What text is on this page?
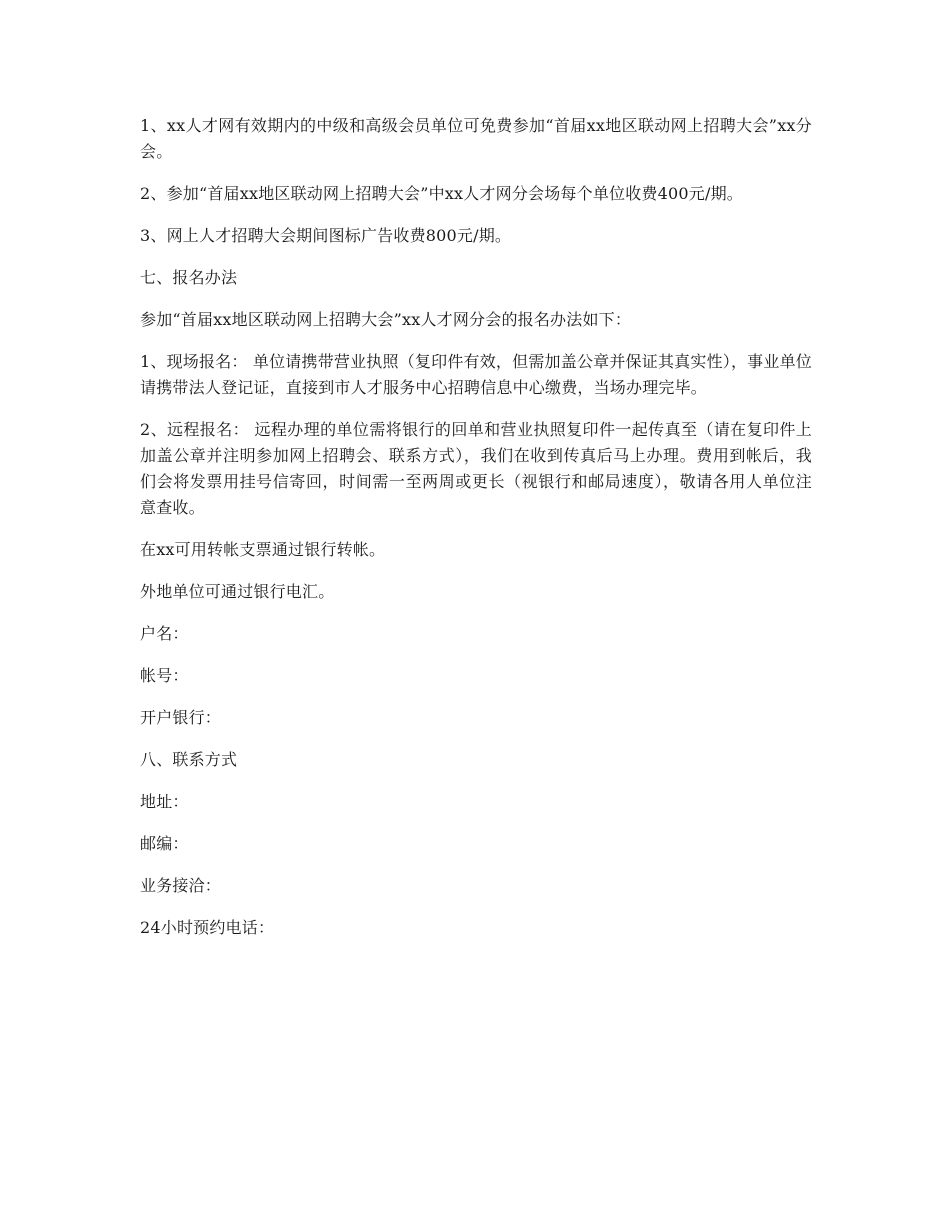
1、xx人才网有效期内的中级和高级会员单位可免费参加“首届xx地区联动网上招聘大会”xx分会。

2、参加“首届xx地区联动网上招聘大会”中xx人才网分会场每个单位收费400元/期。

3、网上人才招聘大会期间图标广告收费800元/期。

七、报名办法

参加“首届xx地区联动网上招聘大会”xx人才网分会的报名办法如下：

1、现场报名： 单位请携带营业执照（复印件有效，但需加盖公章并保证其真实性），事业单位请携带法人登记证，直接到市人才服务中心招聘信息中心缴费，当场办理完毕。

2、远程报名： 远程办理的单位需将银行的回单和营业执照复印件一起传真至（请在复印件上加盖公章并注明参加网上招聘会、联系方式），我们在收到传真后马上办理。费用到帐后，我们会将发票用挂号信寄回，时间需一至两周或更长（视银行和邮局速度），敬请各用人单位注意查收。

在xx可用转帐支票通过银行转帐。

外地单位可通过银行电汇。

户名：

帐号：

开户银行：

八、联系方式

地址：

邮编：

业务接洽：

24小时预约电话：
